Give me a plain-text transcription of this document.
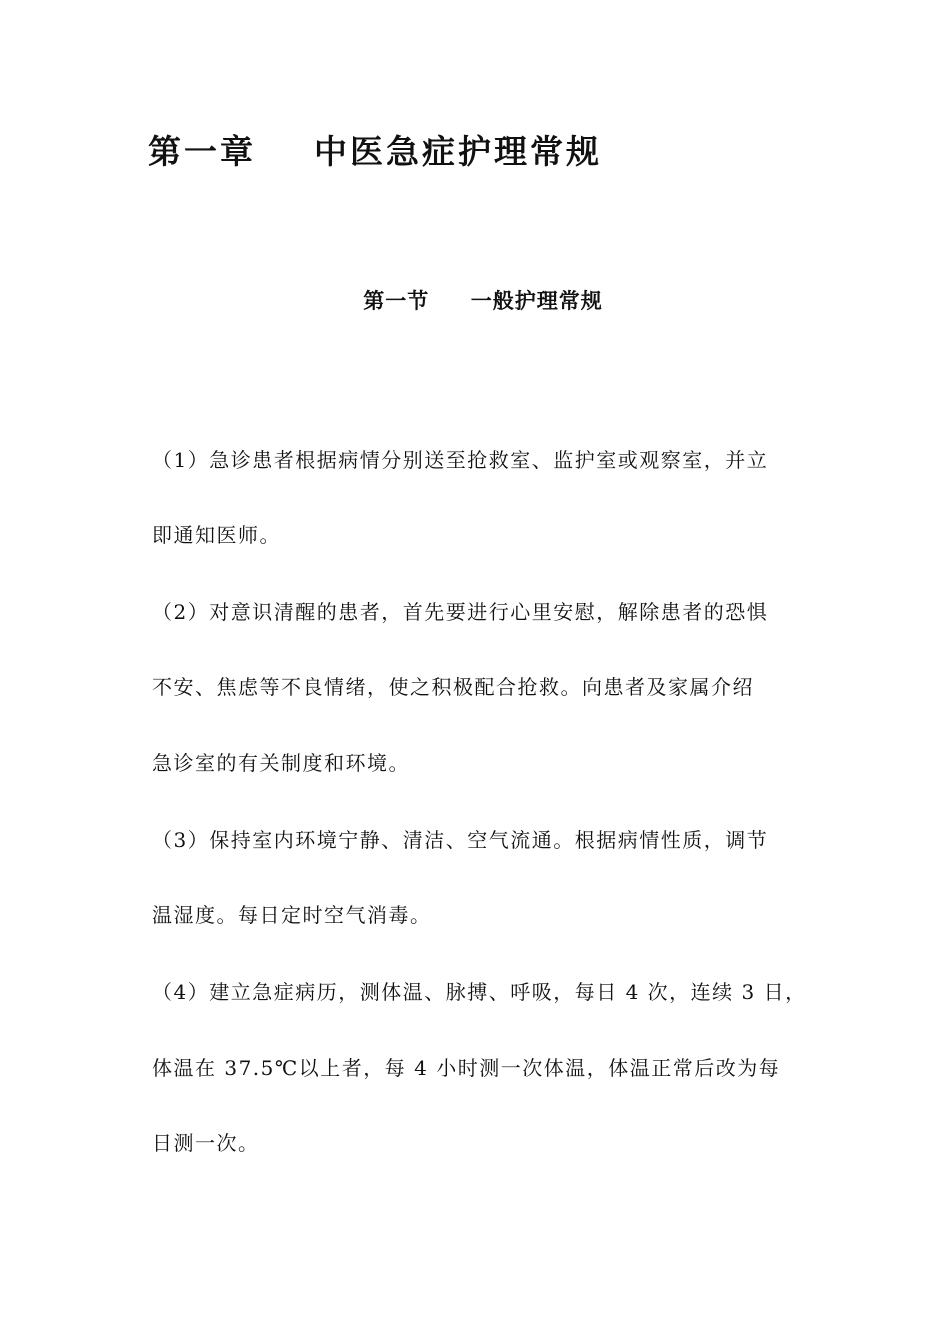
第一章    中医急症护理常规
第一节     一般护理常规

（1）急诊患者根据病情分别送至抢救室、监护室或观察室，并立

即通知医师。

（2）对意识清醒的患者，首先要进行心里安慰，解除患者的恐惧

不安、焦虑等不良情绪，使之积极配合抢救。向患者及家属介绍

急诊室的有关制度和环境。

（3）保持室内环境宁静、清洁、空气流通。根据病情性质，调节

温湿度。每日定时空气消毒。

（4）建立急症病历，测体温、脉搏、呼吸，每日 4 次，连续 3 日，

体温在 37.5℃以上者，每 4 小时测一次体温，体温正常后改为每

日测一次。
